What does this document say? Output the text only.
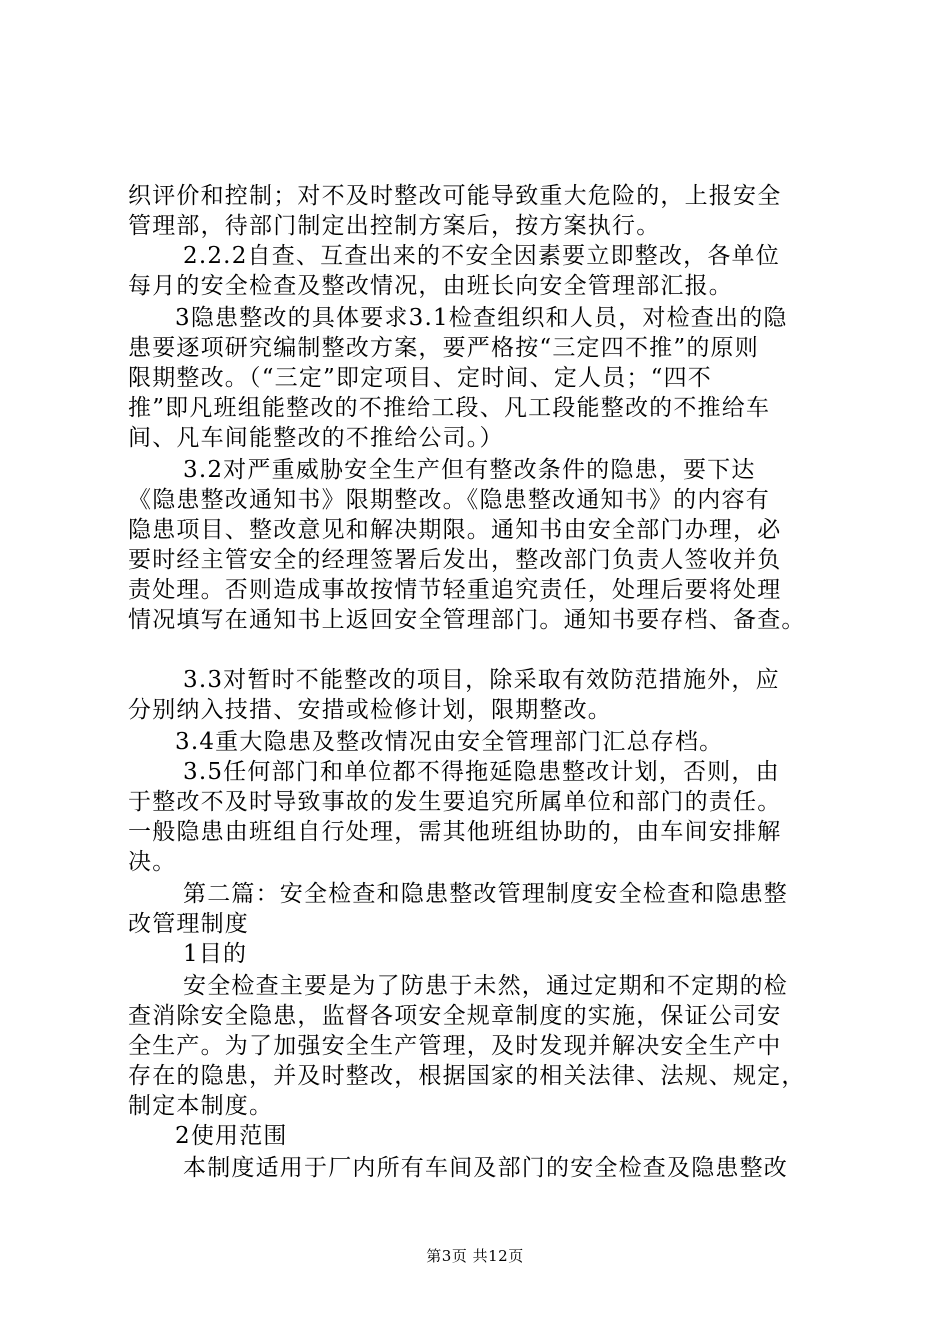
织评价和控制；对不及时整改可能导致重大危险的，上报安全
管理部，待部门制定出控制方案后，按方案执行。
2.2.2自查、互查出来的不安全因素要立即整改，各单位
每月的安全检查及整改情况，由班长向安全管理部汇报。
3隐患整改的具体要求3.1检查组织和人员，对检查出的隐
患要逐项研究编制整改方案，要严格按“三定四不推”的原则
限期整改。（“三定”即定项目、定时间、定人员；“四不
推”即凡班组能整改的不推给工段、凡工段能整改的不推给车
间、凡车间能整改的不推给公司。）
3.2对严重威胁安全生产但有整改条件的隐患，要下达
《隐患整改通知书》限期整改。《隐患整改通知书》的内容有
隐患项目、整改意见和解决期限。通知书由安全部门办理，必
要时经主管安全的经理签署后发出，整改部门负责人签收并负
责处理。否则造成事故按情节轻重追究责任，处理后要将处理
情况填写在通知书上返回安全管理部门。通知书要存档、备查。
3.3对暂时不能整改的项目，除采取有效防范措施外，应
分别纳入技措、安措或检修计划，限期整改。
3.4重大隐患及整改情况由安全管理部门汇总存档。
3.5任何部门和单位都不得拖延隐患整改计划，否则，由
于整改不及时导致事故的发生要追究所属单位和部门的责任。
一般隐患由班组自行处理，需其他班组协助的，由车间安排解
决。
第二篇：安全检查和隐患整改管理制度安全检查和隐患整
改管理制度
1目的
安全检查主要是为了防患于未然，通过定期和不定期的检
查消除安全隐患，监督各项安全规章制度的实施，保证公司安
全生产。为了加强安全生产管理，及时发现并解决安全生产中
存在的隐患，并及时整改，根据国家的相关法律、法规、规定，
制定本制度。
2使用范围
本制度适用于厂内所有车间及部门的安全检查及隐患整改
第3页 共12页
